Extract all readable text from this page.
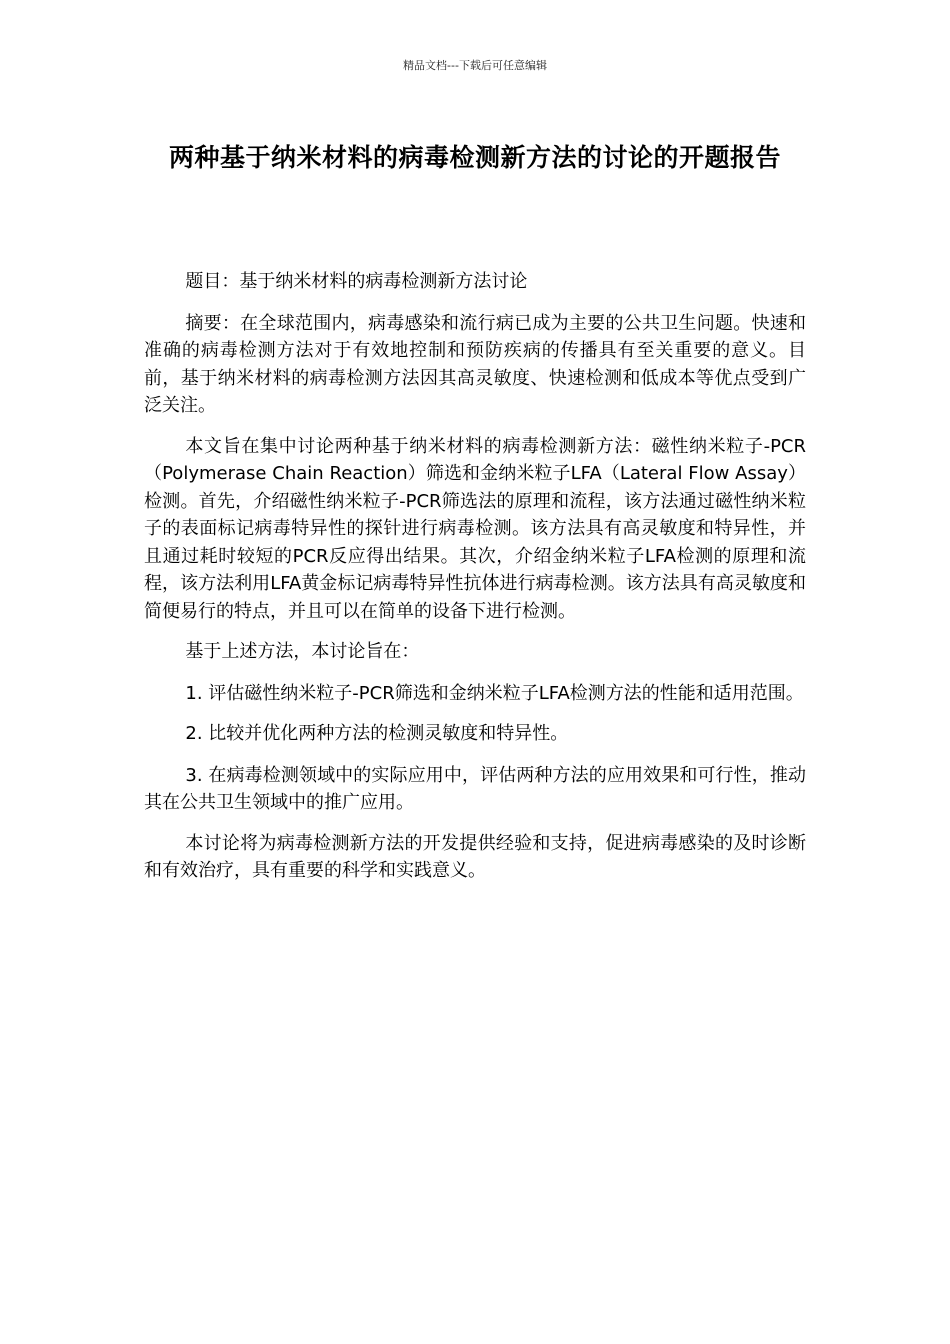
精品文档---下载后可任意编辑
两种基于纳米材料的病毒检测新方法的讨论的开题报告

题目：基于纳米材料的病毒检测新方法讨论

摘要：在全球范围内，病毒感染和流行病已成为主要的公共卫生问题。快速和准确的病毒检测方法对于有效地控制和预防疾病的传播具有至关重要的意义。目前，基于纳米材料的病毒检测方法因其高灵敏度、快速检测和低成本等优点受到广泛关注。

本文旨在集中讨论两种基于纳米材料的病毒检测新方法：磁性纳米粒子-PCR（Polymerase Chain Reaction）筛选和金纳米粒子LFA（Lateral Flow Assay）检测。首先，介绍磁性纳米粒子-PCR筛选法的原理和流程，该方法通过磁性纳米粒子的表面标记病毒特异性的探针进行病毒检测。该方法具有高灵敏度和特异性，并且通过耗时较短的PCR反应得出结果。其次，介绍金纳米粒子LFA检测的原理和流程，该方法利用LFA黄金标记病毒特异性抗体进行病毒检测。该方法具有高灵敏度和简便易行的特点，并且可以在简单的设备下进行检测。

基于上述方法，本讨论旨在：

1. 评估磁性纳米粒子-PCR筛选和金纳米粒子LFA检测方法的性能和适用范围。

2. 比较并优化两种方法的检测灵敏度和特异性。

3. 在病毒检测领域中的实际应用中，评估两种方法的应用效果和可行性，推动其在公共卫生领域中的推广应用。

本讨论将为病毒检测新方法的开发提供经验和支持，促进病毒感染的及时诊断和有效治疗，具有重要的科学和实践意义。
